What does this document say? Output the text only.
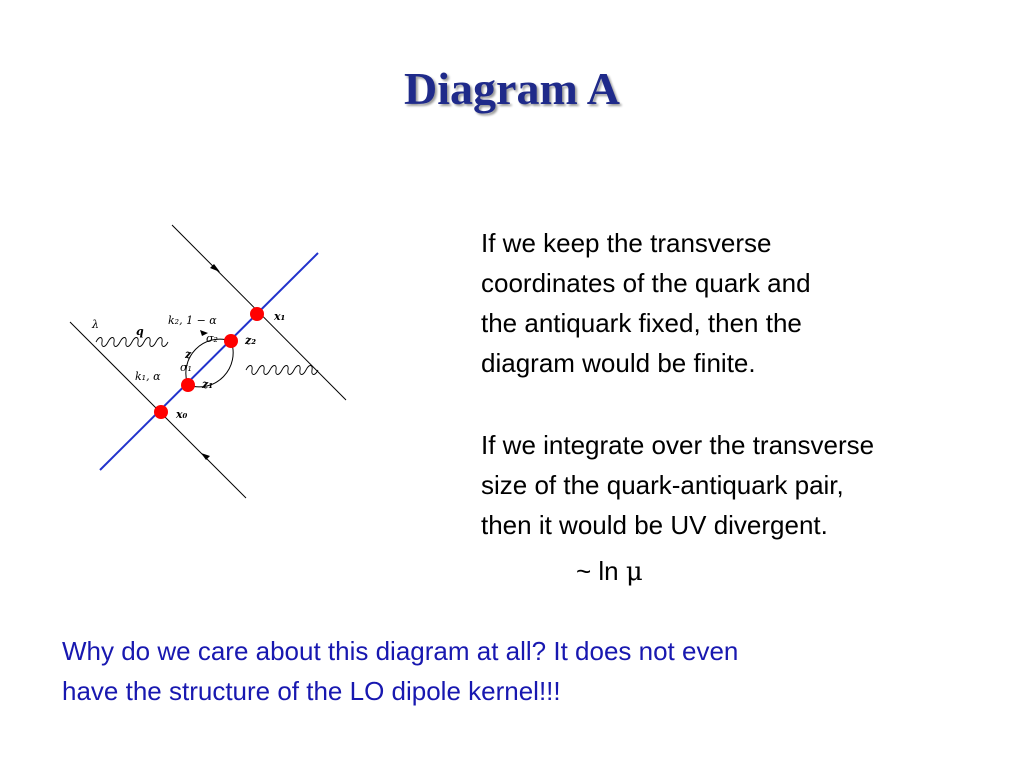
Diagram A
λ
q
k₂, 1 − α
σ₂ z₂
x₁
z
σ₁
k₁, α
z₁
x₀
If we keep the transverse
coordinates of the quark and
the antiquark fixed, then the
diagram would be finite.
If we integrate over the transverse
size of the quark-antiquark pair,
then it would be UV divergent.
~ ln μ
Why do we care about this diagram at all? It does not even
have the structure of the LO dipole kernel!!!
